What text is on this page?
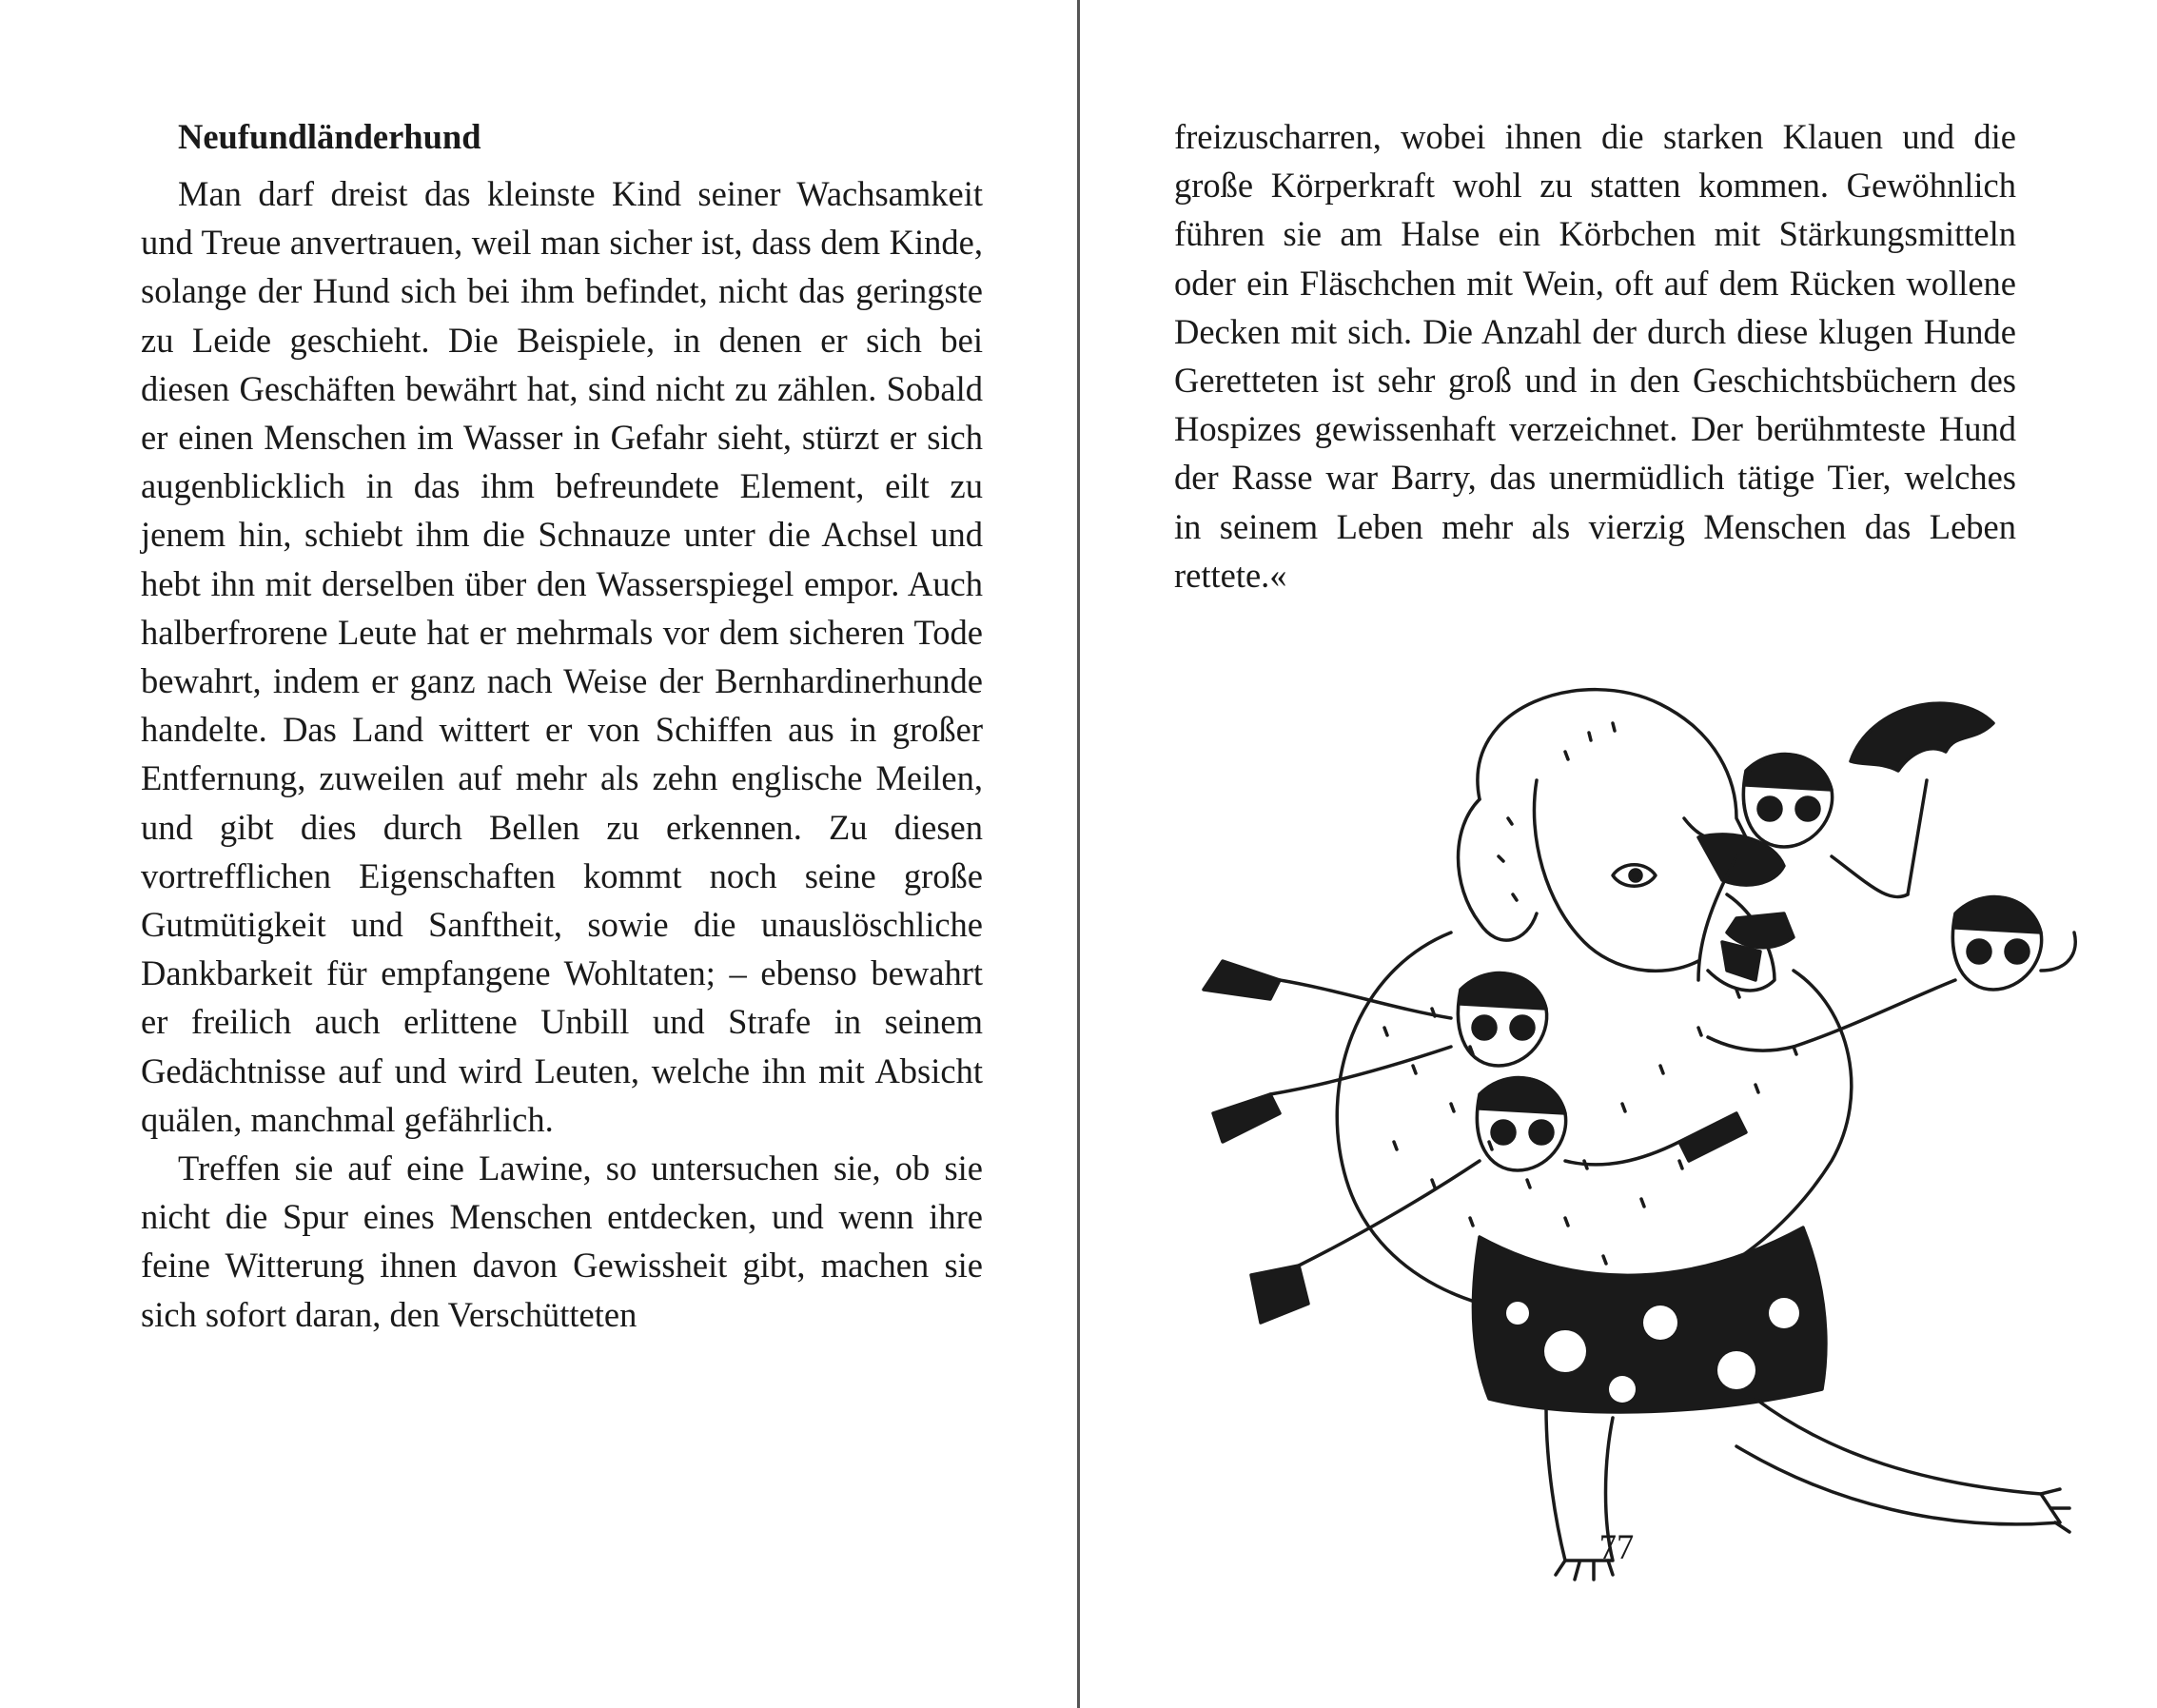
Neufundländerhund

Man darf dreist das kleinste Kind seiner Wachsamkeit und Treue anvertrauen, weil man sicher ist, dass dem Kinde, solange der Hund sich bei ihm befindet, nicht das geringste zu Leide geschieht. Die Beispiele, in denen er sich bei diesen Geschäften bewährt hat, sind nicht zu zählen. Sobald er einen Menschen im Wasser in Gefahr sieht, stürzt er sich augenblicklich in das ihm befreundete Element, eilt zu jenem hin, schiebt ihm die Schnauze unter die Achsel und hebt ihn mit derselben über den Wasserspiegel empor. Auch halberfrorene Leute hat er mehrmals vor dem sicheren Tode bewahrt, indem er ganz nach Weise der Bernhardinerhunde handelte. Das Land wittert er von Schiffen aus in großer Entfernung, zuweilen auf mehr als zehn englische Meilen, und gibt dies durch Bellen zu erkennen. Zu diesen vortrefflichen Eigenschaften kommt noch seine große Gutmütigkeit und Sanftheit, sowie die unauslöschliche Dankbarkeit für empfangene Wohltaten; – ebenso bewahrt er freilich auch erlittene Unbill und Strafe in seinem Gedächtnisse auf und wird Leuten, welche ihn mit Absicht quälen, manchmal gefährlich.

Treffen sie auf eine Lawine, so untersuchen sie, ob sie nicht die Spur eines Menschen entdecken, und wenn ihre feine Witterung ihnen davon Gewissheit gibt, machen sie sich sofort daran, den Verschütteten

freizuscharren, wobei ihnen die starken Klauen und die große Körperkraft wohl zu statten kommen. Gewöhnlich führen sie am Halse ein Körbchen mit Stärkungsmitteln oder ein Fläschchen mit Wein, oft auf dem Rücken wollene Decken mit sich. Die Anzahl der durch diese klugen Hunde Geretteten ist sehr groß und in den Geschichtsbüchern des Hospizes gewissenhaft verzeichnet. Der berühmteste Hund der Rasse war Barry, das unermüdlich tätige Tier, welches in seinem Leben mehr als vierzig Menschen das Leben rettete.«

77
